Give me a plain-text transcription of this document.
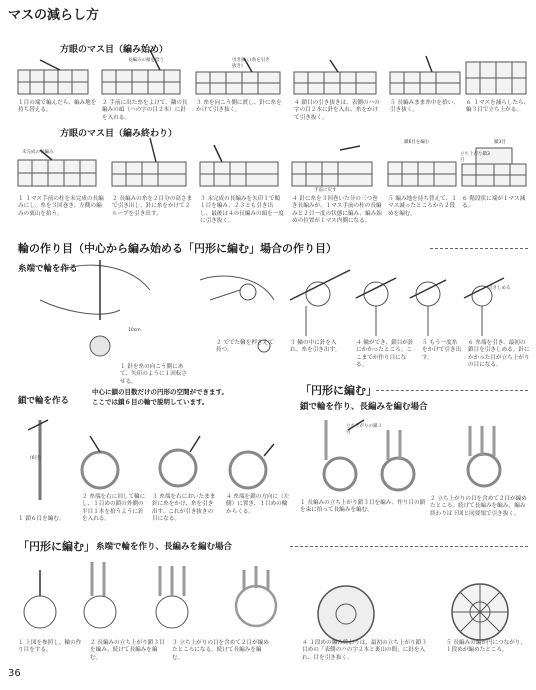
マスの減らし方
方眼のマス目（編み始め）
長編みの頭を拾う	引き抜く(糸を引き抜き)
１目の端で編んだら、編み地を持ち替える。
２ 手前に出た糸をよけて、隣の長編みの頭（ハの字の目２本）に針を入れる。
３ 糸を向こう側に渡し、針に糸をかけて引き抜く。
４ 鎖目の引き抜きは、表側のハの字の目２本に針を入れ、糸をかけて引き抜く。
５ 長編みまま糸中を拾い、引き抜く。
６ １マスを減らしたら、編３目で立ち上がる。
方眼のマス目（編み終わり）
未完成の長編み
手前に戻す
鎖6目を編む	鎖3目
立ち上がり鎖3目
１ １マス手前の柱を未完成の長編みにし、糸を３回巻き、左側の編みの裏山を拾う。
２ 長編みの糸を２目分の高さまで引き出し、針に糸をかけて２ループを引き出す。
３ 未完成の長編みを矢印１で順１目を編み、２３とも引き出し、最後は４の長編みの頭を一度に引き抜く。
４ 針に糸を３回巻いた分の三つ巻き長編みが、１マス手前の柱の長編みと２目一度の状態に編み、編み始めの位置が１マス内側になる。
５ 編み地を持ち替えて、１マス減ったところから２段めを編む。
６ 階段状に端が１マス減る。
輪の作り目（中心から編み始める「円形に編む」場合の作り目）
糸端で輪を作る
10cm
引きしめる
１ 針を糸の向こう側にあて、矢印のように１回転させる。
２ ででた輪を押さえて持つ。
３ 輪の中に針を入れ、糸を引き出す。
４ 輪ができ、鎖目が針にかかったところ。ここまでが作り目になる。
５ もう一度糸をかけて引き出す。
６ 糸端を引き、最初の鎖目を引きしめる。針にかかった目が立ち上がりの目になる。
鎖で輪を作る
中心に鎖の目数だけの円形の空間ができます。
ここでは鎖６目の輪で説明しています。
(6目)
１ 鎖６目を編む。
２ 糸端を右に回して輪にし、１目めの鎖の外側の半目１本を拾うように針を入れる。
３ 糸端を右においたまま針に糸をかけ、糸を引き出す。これが引き抜きの目になる。
４ 糸端を鎖の方向に（左側）に置き、１目めの輪からくる。
「円形に編む」
鎖で輪を作り、長編みを編む場合
立ち上がりの鎖３目
１ 長編みの立ち上がり鎖３目を編み、作り目の鎖を束に拾って長編みを編む。
２ 立ち上がりの目を含めて２目が編めたところ。続けて長編みを編み、編み終わりは下図と同要領で引き抜く。
「円形に編む」 糸端で輪を作り、長編みを編む場合
１ 上図を参照し、輪の作り目をする。
２ 長編みの立ち上がり鎖３目を編み、続けて長編みを編む。
３ 立ち上がりの目を含めて２目が編めたところになる。続けて長編みを編む。
４ １段めの編み終わりは、最初の立ち上がり鎖３目めの「表側のハの字２本と裏山の間」に針を入れ、目を引き抜く。
５ 長編みの編が円につながり、１段めが編めたところ。
36
